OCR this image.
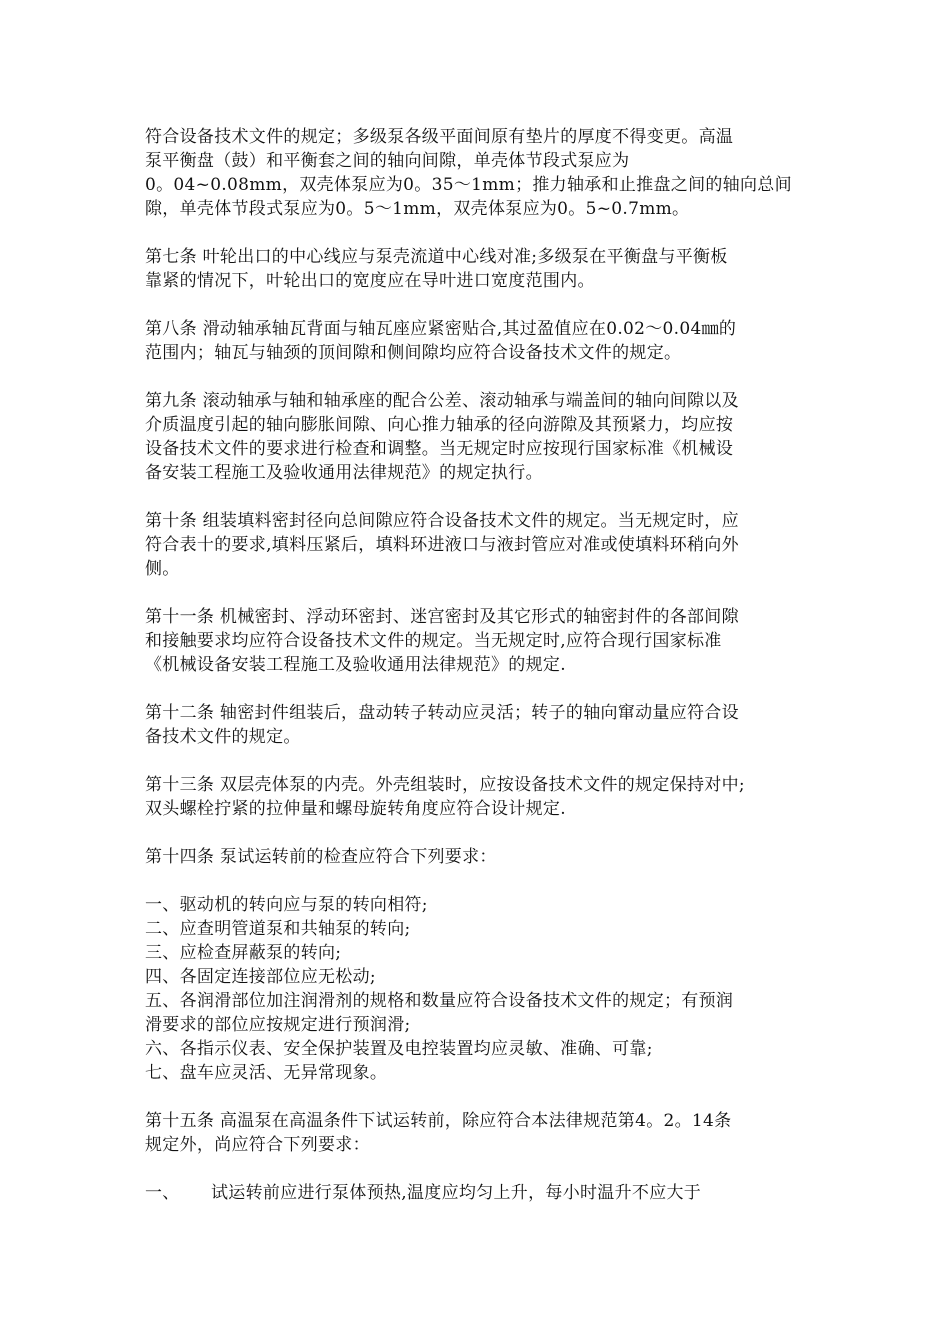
符合设备技术文件的规定；多级泵各级平面间原有垫片的厚度不得变更。高温
泵平衡盘（鼓）和平衡套之间的轴向间隙，单壳体节段式泵应为
0。04~0.08mm，双壳体泵应为0。35～1mm；推力轴承和止推盘之间的轴向总间
隙，单壳体节段式泵应为0。5～1mm，双壳体泵应为0。5~0.7mm。
第七条 叶轮出口的中心线应与泵壳流道中心线对准;多级泵在平衡盘与平衡板
靠紧的情况下，叶轮出口的宽度应在导叶进口宽度范围内。
第八条 滑动轴承轴瓦背面与轴瓦座应紧密贴合,其过盈值应在0.02～0.04㎜的
范围内；轴瓦与轴颈的顶间隙和侧间隙均应符合设备技术文件的规定。
第九条 滚动轴承与轴和轴承座的配合公差、滚动轴承与端盖间的轴向间隙以及
介质温度引起的轴向膨胀间隙、向心推力轴承的径向游隙及其预紧力，均应按
设备技术文件的要求进行检查和调整。当无规定时应按现行国家标准《机械设
备安装工程施工及验收通用法律规范》的规定执行。
第十条 组装填料密封径向总间隙应符合设备技术文件的规定。当无规定时，应
符合表十的要求,填料压紧后，填料环进液口与液封管应对准或使填料环稍向外
侧。
第十一条 机械密封、浮动环密封、迷宫密封及其它形式的轴密封件的各部间隙
和接触要求均应符合设备技术文件的规定。当无规定时,应符合现行国家标准
《机械设备安装工程施工及验收通用法律规范》的规定.
第十二条 轴密封件组装后，盘动转子转动应灵活；转子的轴向窜动量应符合设
备技术文件的规定。
第十三条 双层壳体泵的内壳。外壳组装时，应按设备技术文件的规定保持对中;
双头螺栓拧紧的拉伸量和螺母旋转角度应符合设计规定.
第十四条 泵试运转前的检查应符合下列要求：
一、驱动机的转向应与泵的转向相符;
二、应查明管道泵和共轴泵的转向;
三、应检查屏蔽泵的转向;
四、各固定连接部位应无松动;
五、各润滑部位加注润滑剂的规格和数量应符合设备技术文件的规定；有预润
滑要求的部位应按规定进行预润滑;
六、各指示仪表、安全保护装置及电控装置均应灵敏、准确、可靠;
七、盘车应灵活、无异常现象。
第十五条 高温泵在高温条件下试运转前，除应符合本法律规范第4。2。14条
规定外，尚应符合下列要求：
一、 试运转前应进行泵体预热,温度应均匀上升，每小时温升不应大于
